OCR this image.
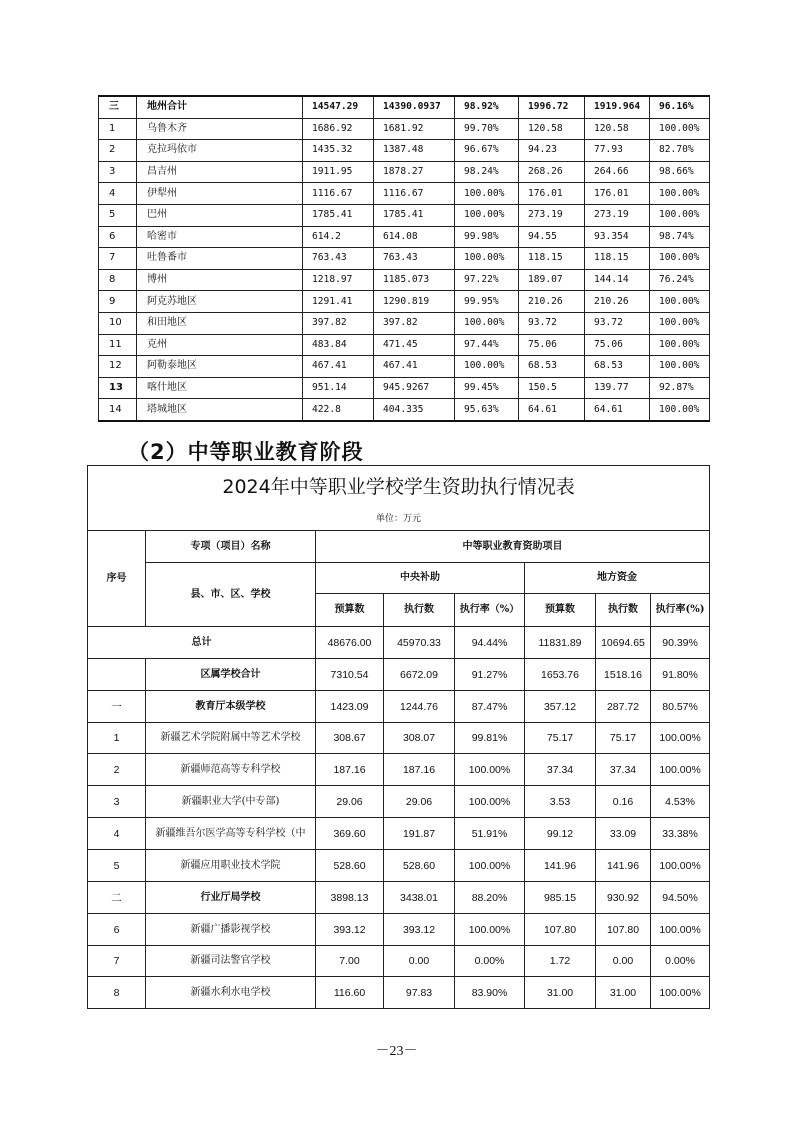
三	地州合计	14547.29	14390.0937	98.92%	1996.72	1919.964	96.16%
1	乌鲁木齐	1686.92	1681.92	99.70%	120.58	120.58	100.00%
2	克拉玛依市	1435.32	1387.48	96.67%	94.23	77.93	82.70%
3	昌吉州	1911.95	1878.27	98.24%	268.26	264.66	98.66%
4	伊犁州	1116.67	1116.67	100.00%	176.01	176.01	100.00%
5	巴州	1785.41	1785.41	100.00%	273.19	273.19	100.00%
6	哈密市	614.2	614.08	99.98%	94.55	93.354	98.74%
7	吐鲁番市	763.43	763.43	100.00%	118.15	118.15	100.00%
8	博州	1218.97	1185.073	97.22%	189.07	144.14	76.24%
9	阿克苏地区	1291.41	1290.819	99.95%	210.26	210.26	100.00%
10	和田地区	397.82	397.82	100.00%	93.72	93.72	100.00%
11	克州	483.84	471.45	97.44%	75.06	75.06	100.00%
12	阿勒泰地区	467.41	467.41	100.00%	68.53	68.53	100.00%
13	喀什地区	951.14	945.9267	99.45%	150.5	139.77	92.87%
14	塔城地区	422.8	404.335	95.63%	64.61	64.61	100.00%
（2）中等职业教育阶段
2024年中等职业学校学生资助执行情况表							
单位：万元							
序号	专项（项目）名称	中等职业教育资助项目					
	县、市、区、学校	中央补助			地方资金		
		预算数	执行数	执行率（%）	预算数	执行数	执行率(%)
总计		48676.00	45970.33	94.44%	11831.89	10694.65	90.39%
	区属学校合计	7310.54	6672.09	91.27%	1653.76	1518.16	91.80%
一	教育厅本级学校	1423.09	1244.76	87.47%	357.12	287.72	80.57%
1	新疆艺术学院附属中等艺术学校	308.67	308.07	99.81%	75.17	75.17	100.00%
2	新疆师范高等专科学校	187.16	187.16	100.00%	37.34	37.34	100.00%
3	新疆职业大学(中专部)	29.06	29.06	100.00%	3.53	0.16	4.53%
4	新疆维吾尔医学高等专科学校（中	369.60	191.87	51.91%	99.12	33.09	33.38%
5	新疆应用职业技术学院	528.60	528.60	100.00%	141.96	141.96	100.00%
二	行业厅局学校	3898.13	3438.01	88.20%	985.15	930.92	94.50%
6	新疆广播影视学校	393.12	393.12	100.00%	107.80	107.80	100.00%
7	新疆司法警官学校	7.00	0.00	0.00%	1.72	0.00	0.00%
8	新疆水利水电学校	116.60	97.83	83.90%	31.00	31.00	100.00%
－23－
